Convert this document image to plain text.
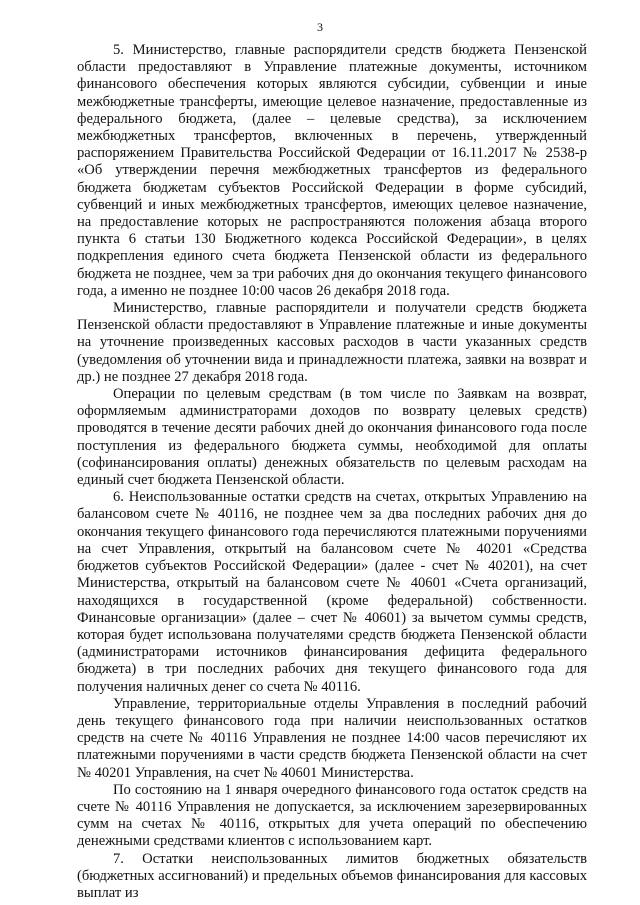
3

5. Министерство, главные распорядители средств бюджета Пензенской области предоставляют в Управление платежные документы, источником финансового обеспечения которых являются субсидии, субвенции и иные межбюджетные трансферты, имеющие целевое назначение, предоставленные из федерального бюджета, (далее – целевые средства), за исключением межбюджетных трансфертов, включенных в перечень, утвержденный распоряжением Правительства Российской Федерации от 16.11.2017 № 2538-р «Об утверждении перечня межбюджетных трансфертов из федерального бюджета бюджетам субъектов Российской Федерации в форме субсидий, субвенций и иных межбюджетных трансфертов, имеющих целевое назначение, на предоставление которых не распространяются положения абзаца второго пункта 6 статьи 130 Бюджетного кодекса Российской Федерации», в целях подкрепления единого счета бюджета Пензенской области из федерального бюджета не позднее, чем за три рабочих дня до окончания текущего финансового года, а именно не позднее 10:00 часов 26 декабря 2018 года.

Министерство, главные распорядители и получатели средств бюджета Пензенской области предоставляют в Управление платежные и иные документы на уточнение произведенных кассовых расходов в части указанных средств (уведомления об уточнении вида и принадлежности платежа, заявки на возврат и др.) не позднее 27 декабря 2018 года.

Операции по целевым средствам (в том числе по Заявкам на возврат, оформляемым администраторами доходов по возврату целевых средств) проводятся в течение десяти рабочих дней до окончания финансового года после поступления из федерального бюджета суммы, необходимой для оплаты (софинансирования оплаты) денежных обязательств по целевым расходам на единый счет бюджета Пензенской области.

6. Неиспользованные остатки средств на счетах, открытых Управлению на балансовом счете № 40116, не позднее чем за два последних рабочих дня до окончания текущего финансового года перечисляются платежными поручениями на счет Управления, открытый на балансовом счете № 40201 «Средства бюджетов субъектов Российской Федерации» (далее - счет № 40201), на счет Министерства, открытый на балансовом счете № 40601 «Счета организаций, находящихся в государственной (кроме федеральной) собственности. Финансовые организации» (далее – счет № 40601) за вычетом суммы средств, которая будет использована получателями средств бюджета Пензенской области (администраторами источников финансирования дефицита федерального бюджета) в три последних рабочих дня текущего финансового года для получения наличных денег со счета № 40116.

Управление, территориальные отделы Управления в последний рабочий день текущего финансового года при наличии неиспользованных остатков средств на счете № 40116 Управления не позднее 14:00 часов перечисляют их платежными поручениями в части средств бюджета Пензенской области на счет № 40201 Управления, на счет № 40601 Министерства.

По состоянию на 1 января очередного финансового года остаток средств на счете № 40116 Управления не допускается, за исключением зарезервированных сумм на счетах № 40116, открытых для учета операций по обеспечению денежными средствами клиентов с использованием карт.

7. Остатки неиспользованных лимитов бюджетных обязательств (бюджетных ассигнований) и предельных объемов финансирования для кассовых выплат из
